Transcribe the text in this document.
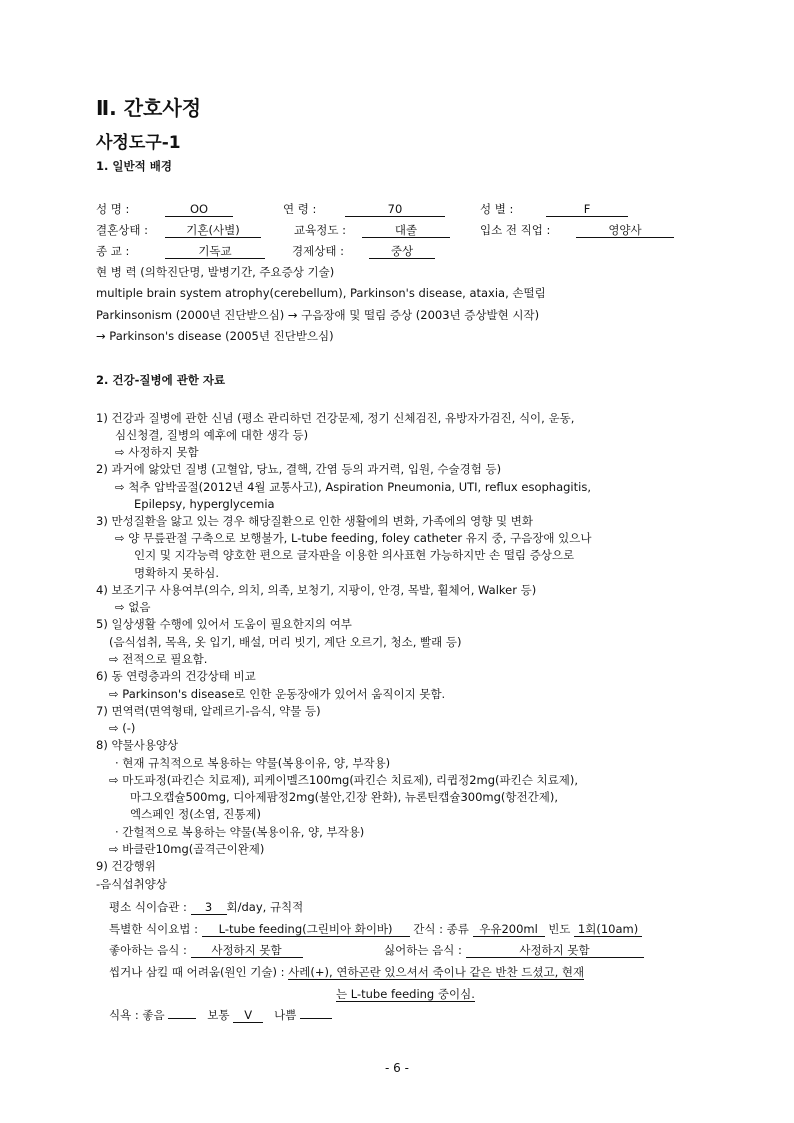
Ⅱ. 간호사정
사정도구-1
1. 일반적 배경
성 명 :	OO	연 령 :	70	성 별 :	F
결혼상태 :	기혼(사별)	교육정도 :	대졸	입소 전 직업 :	영양사
종 교 :	기독교	경제상태 :	중상
현 병 력 (의학진단명, 발병기간, 주요증상 기술)
multiple brain system atrophy(cerebellum), Parkinson's disease, ataxia, 손떨림
Parkinsonism (2000년 진단받으심) → 구음장애 및 떨림 증상 (2003년 증상발현 시작)
→ Parkinson's disease (2005년 진단받으심)
2. 건강-질병에 관한 자료
1) 건강과 질병에 관한 신념 (평소 관리하던 건강문제, 정기 신체검진, 유방자가검진, 식이, 운동,
심신청결, 질병의 예후에 대한 생각 등)
⇨ 사정하지 못함
2) 과거에 앓았던 질병 (고혈압, 당뇨, 결핵, 간염 등의 과거력, 입원, 수술경험 등)
⇨ 척추 압박골절(2012년 4월 교통사고), Aspiration Pneumonia, UTI, reflux esophagitis,
Epilepsy, hyperglycemia
3) 만성질환을 앓고 있는 경우 해당질환으로 인한 생활에의 변화, 가족에의 영향 및 변화
⇨ 양 무릎관절 구축으로 보행불가, L-tube feeding, foley catheter 유지 중, 구음장애 있으나
인지 및 지각능력 양호한 편으로 글자판을 이용한 의사표현 가능하지만 손 떨림 증상으로
명확하지 못하심.
4) 보조기구 사용여부(의수, 의치, 의족, 보청기, 지팡이, 안경, 목발, 휠체어, Walker 등)
⇨ 없음
5) 일상생활 수행에 있어서 도움이 필요한지의 여부
(음식섭취, 목욕, 옷 입기, 배설, 머리 빗기, 계단 오르기, 청소, 빨래 등)
⇨ 전적으로 필요함.
6) 동 연령층과의 건강상태 비교
⇨ Parkinson's disease로 인한 운동장애가 있어서 움직이지 못함.
7) 면역력(면역형태, 알레르기-음식, 약물 등)
⇨ (-)
8) 약물사용양상
· 현재 규칙적으로 복용하는 약물(복용이유, 양, 부작용)
⇨ 마도파정(파킨슨 치료제), 피케이멜즈100mg(파킨슨 치료제), 리큅정2mg(파킨슨 치료제),
마그오캡슐500mg, 디아제팜정2mg(불안,긴장 완화), 뉴론틴캡슐300mg(항전간제),
엑스페인 정(소염, 진통제)
· 간헐적으로 복용하는 약물(복용이유, 양, 부작용)
⇨ 바클란10mg(골격근이완제)
9) 건강행위
-음식섭취양상
평소 식이습관 : 3 회/day, 규칙적
특별한 식이요법 : L-tube feeding(그린비아 화이바) 간식 : 종류 우유200ml 빈도 1회(10am)
좋아하는 음식 : 사정하지 못함	싫어하는 음식 :	사정하지 못함
씹거나 삼킬 때 어려움(원인 기술) : 사레(+), 연하곤란 있으셔서 죽이나 같은 반찬 드셨고, 현재
는 L-tube feeding 중이심.
식욕 : 좋음	보통 V 나쁨
- 6 -
